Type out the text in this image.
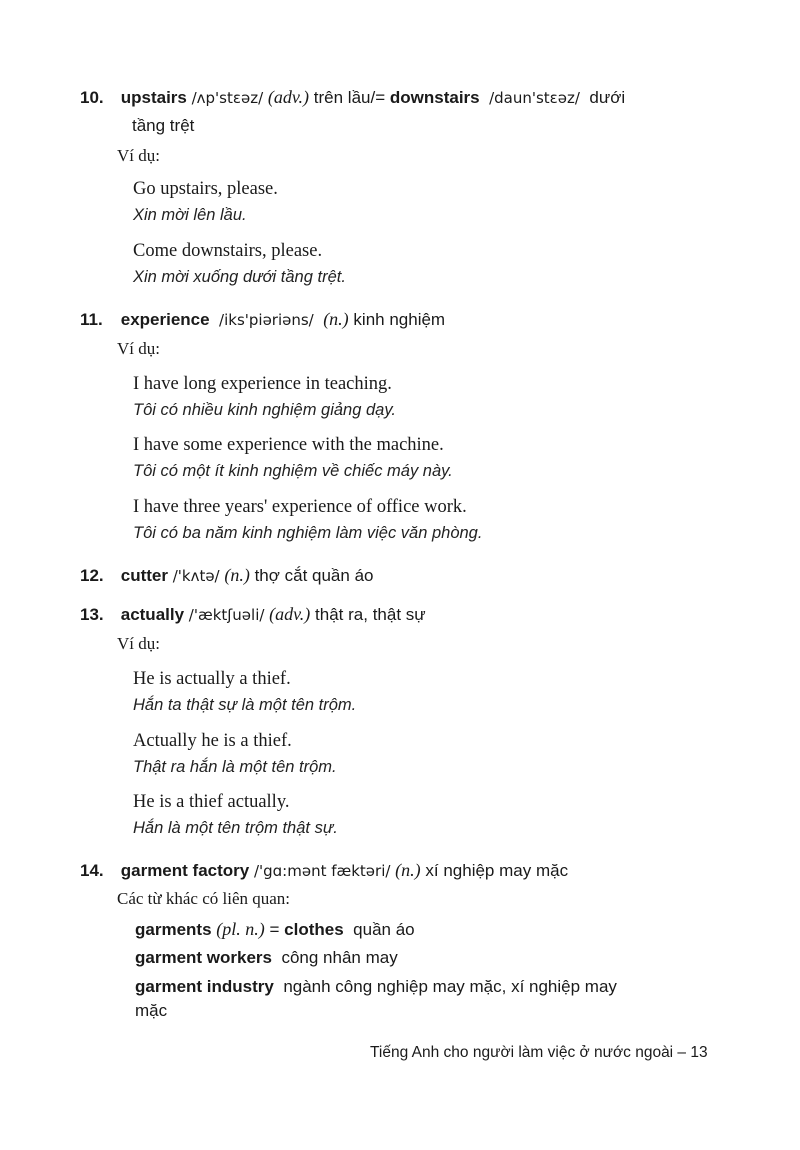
10. upstairs /ʌp'stɛəz/ (adv.) trên lầu/= downstairs /daun'stɛəz/ dưới
tầng trệt
Ví dụ:
Go upstairs, please.
Xin mời lên lầu.
Come downstairs, please.
Xin mời xuống dưới tầng trệt.
11. experience /iks'piəriəns/ (n.) kinh nghiệm
Ví dụ:
I have long experience in teaching.
Tôi có nhiều kinh nghiệm giảng dạy.
I have some experience with the machine.
Tôi có một ít kinh nghiệm về chiếc máy này.
I have three years' experience of office work.
Tôi có ba năm kinh nghiệm làm việc văn phòng.
12. cutter /'kʌtə/ (n.) thợ cắt quần áo
13. actually /'æktʃuəli/ (adv.) thật ra, thật sự
Ví dụ:
He is actually a thief.
Hắn ta thật sự là một tên trộm.
Actually he is a thief.
Thật ra hắn là một tên trộm.
He is a thief actually.
Hắn là một tên trộm thật sự.
14. garment factory /'gɑ:mənt fæktəri/ (n.) xí nghiệp may mặc
Các từ khác có liên quan:
garments (pl. n.) = clothes quần áo
garment workers công nhân may
garment industry ngành công nghiệp may mặc, xí nghiệp may
mặc
Tiếng Anh cho người làm việc ở nước ngoài – 13
